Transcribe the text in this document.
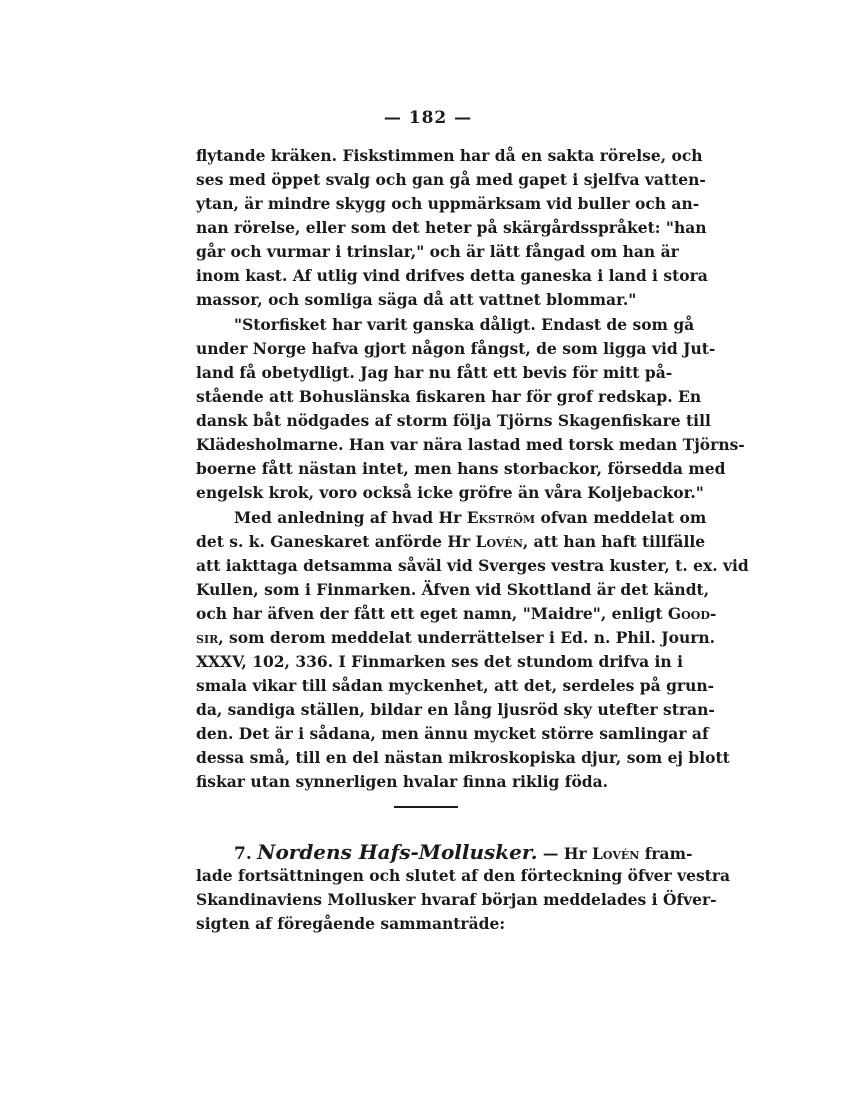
— 182 —
flytande kräken. Fiskstimmen har då en sakta rörelse, och
ses med öppet svalg och gan gå med gapet i sjelfva vatten-
ytan, är mindre skygg och uppmärksam vid buller och an-
nan rörelse, eller som det heter på skärgårdsspråket: "han
går och vurmar i trinslar," och är lätt fångad om han är
inom kast. Af utlig vind drifves detta ganeska i land i stora
massor, och somliga säga då att vattnet blommar."
"Storfisket har varit ganska dåligt. Endast de som gå
under Norge hafva gjort någon fångst, de som ligga vid Jut-
land få obetydligt. Jag har nu fått ett bevis för mitt på-
stående att Bohuslänska fiskaren har för grof redskap. En
dansk båt nödgades af storm följa Tjörns Skagenfiskare till
Klädesholmarne. Han var nära lastad med torsk medan Tjörns-
boerne fått nästan intet, men hans storbackor, försedda med
engelsk krok, voro också icke gröfre än våra Koljebackor."
Med anledning af hvad Hr Ekström ofvan meddelat om
det s. k. Ganeskaret anförde Hr Lovén, att han haft tillfälle
att iakttaga detsamma såväl vid Sverges vestra kuster, t. ex. vid
Kullen, som i Finmarken. Äfven vid Skottland är det kändt,
och har äfven der fått ett eget namn, "Maidre", enligt Good-
sir, som derom meddelat underrättelser i Ed. n. Phil. Journ.
XXXV, 102, 336. I Finmarken ses det stundom drifva in i
smala vikar till sådan myckenhet, att det, serdeles på grun-
da, sandiga ställen, bildar en lång ljusröd sky utefter stran-
den. Det är i sådana, men ännu mycket större samlingar af
dessa små, till en del nästan mikroskopiska djur, som ej blott
fiskar utan synnerligen hvalar finna riklig föda.
7. Nordens Hafs-Mollusker. — Hr Lovén fram-
lade fortsättningen och slutet af den förteckning öfver vestra
Skandinaviens Mollusker hvaraf början meddelades i Öfver-
sigten af föregående sammanträde:
